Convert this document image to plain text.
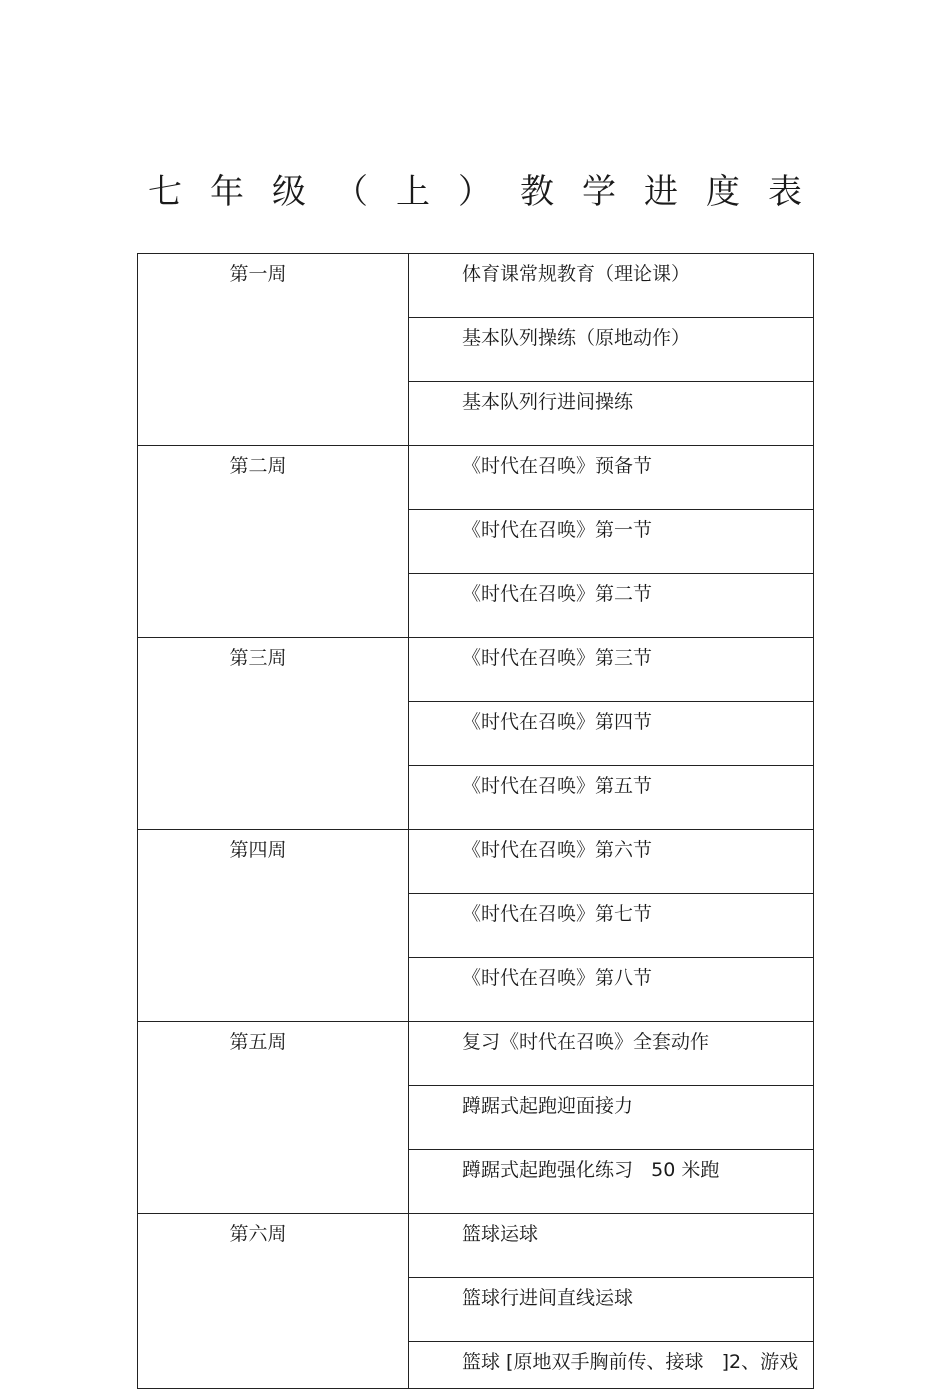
七年级（上）教学进度表
第一周	体育课常规教育（理论课）
	基本队列操练（原地动作）
	基本队列行进间操练
第二周	《时代在召唤》预备节
	《时代在召唤》第一节
	《时代在召唤》第二节
第三周	《时代在召唤》第三节
	《时代在召唤》第四节
	《时代在召唤》第五节
第四周	《时代在召唤》第六节
	《时代在召唤》第七节
	《时代在召唤》第八节
第五周	复习《时代在召唤》全套动作
	蹲踞式起跑迎面接力
	蹲踞式起跑强化练习   50 米跑
第六周	篮球运球
	篮球行进间直线运球
	篮球 [原地双手胸前传、接球   ]2、游戏
